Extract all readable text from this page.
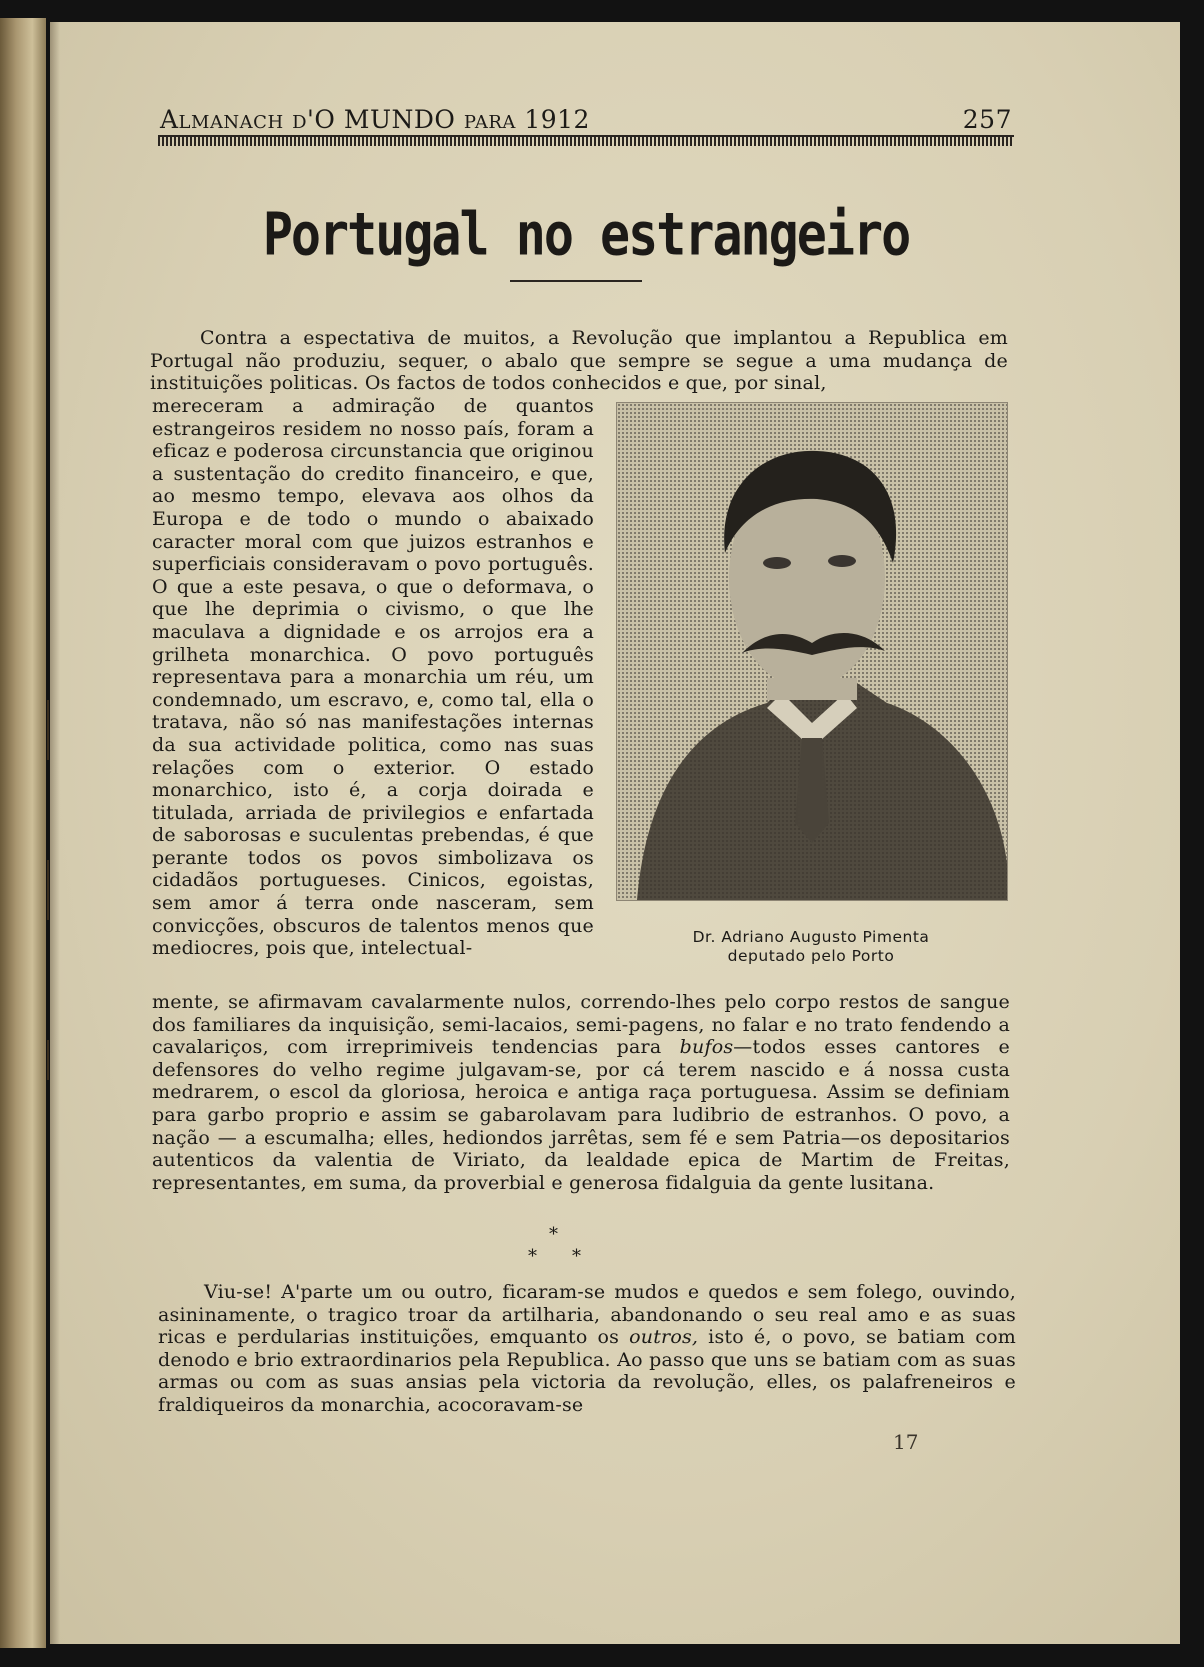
Almanach d'O MUNDO para 1912	257
Portugal no estrangeiro

Contra a espectativa de muitos, a Revolução que implantou a Republica em Portugal não produziu, sequer, o abalo que sempre se segue a uma mudança de instituições politicas. Os factos de todos conhecidos e que, por sinal,

mereceram a admiração de quantos estrangeiros residem no nosso país, foram a eficaz e poderosa circunstancia que originou a sustentação do credito financeiro, e que, ao mesmo tempo, elevava aos olhos da Europa e de todo o mundo o abaixado caracter moral com que juizos estranhos e superficiais consideravam o povo português. O que a este pesava, o que o deformava, o que lhe deprimia o civismo, o que lhe maculava a dignidade e os arrojos era a grilheta monarchica. O povo português representava para a monarchia um réu, um condemnado, um escravo, e, como tal, ella o tratava, não só nas manifestações internas da sua actividade politica, como nas suas relações com o exterior. O estado monarchico, isto é, a corja doirada e titulada, arriada de privilegios e enfartada de saborosas e suculentas prebendas, é que perante todos os povos simbolizava os cidadãos portugueses. Cinicos, egoistas, sem amor á terra onde nasceram, sem convicções, obscuros de talentos menos que mediocres, pois que, intelectual-

Dr. Adriano Augusto Pimenta
deputado pelo Porto

mente, se afirmavam cavalarmente nulos, correndo-lhes pelo corpo restos de sangue dos familiares da inquisição, semi-lacaios, semi-pagens, no falar e no trato fendendo a cavalariços, com irreprimiveis tendencias para bufos—todos esses cantores e defensores do velho regime julgavam-se, por cá terem nascido e á nossa custa medrarem, o escol da gloriosa, heroica e antiga raça portuguesa. Assim se definiam para garbo proprio e assim se gabarolavam para ludibrio de estranhos. O povo, a nação — a escumalha; elles, hediondos jarrêtas, sem fé e sem Patria—os depositarios autenticos da valentia de Viriato, da lealdade epica de Martim de Freitas, representantes, em suma, da proverbial e generosa fidalguia da gente lusitana.

*
* *

Viu-se! A'parte um ou outro, ficaram-se mudos e quedos e sem folego, ouvindo, asininamente, o tragico troar da artilharia, abandonando o seu real amo e as suas ricas e perdularias instituições, emquanto os outros, isto é, o povo, se batiam com denodo e brio extraordinarios pela Republica. Ao passo que uns se batiam com as suas armas ou com as suas ansias pela victoria da revolução, elles, os palafreneiros e fraldiqueiros da monarchia, acocoravam-se

17
